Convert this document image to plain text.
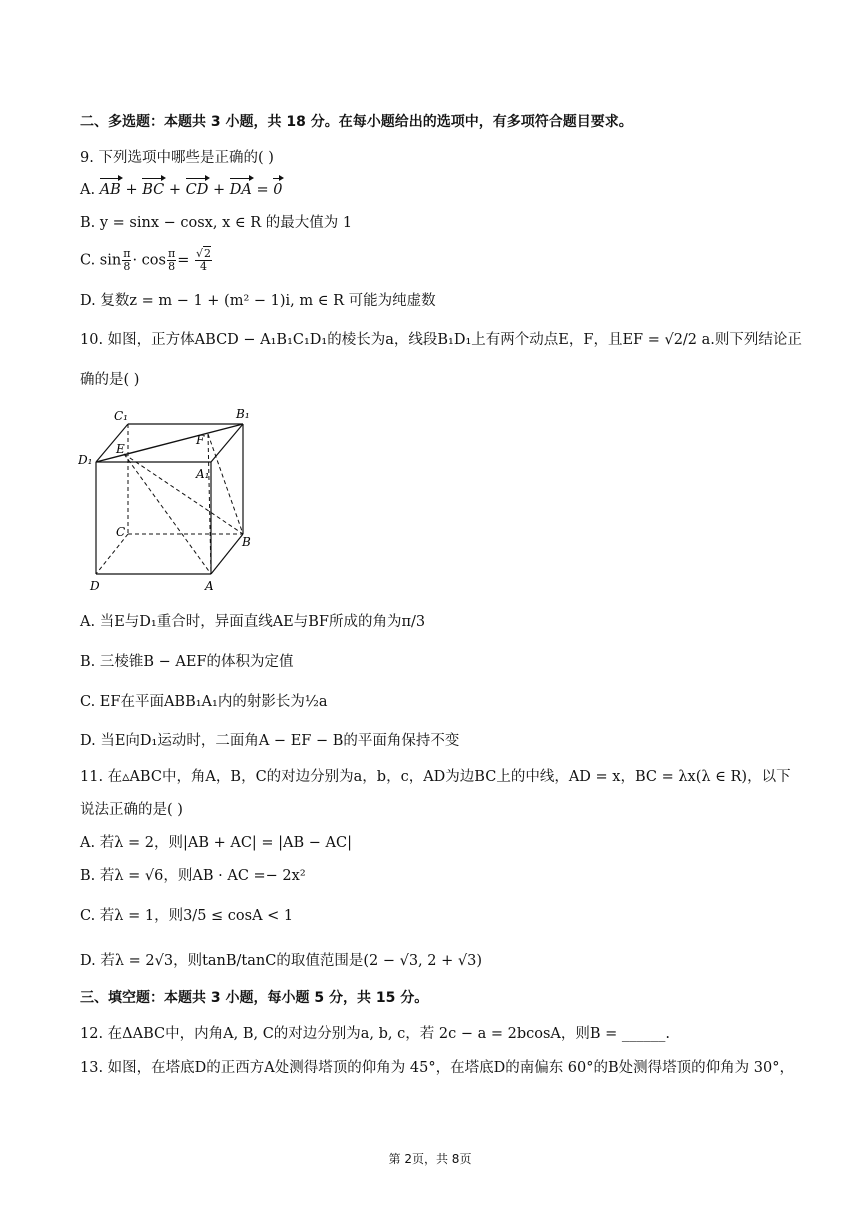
二、多选题：本题共 3 小题，共 18 分。在每小题给出的选项中，有多项符合题目要求。
9. 下列选项中哪些是正确的( )
A. AB + BC + CD + DA = 0
B. y = sinx − cosx, x ∈ R 的最大值为 1
C. $\sin \frac{\pi}{8} \cdot \cos \frac{\pi}{8} = \frac{√2}{4}$
D. 复数z = m − 1 + (m² − 1)i, m ∈ R 可能为纯虚数
10. 如图，正方体ABCD − A₁B₁C₁D₁的棱长为a，线段B₁D₁上有两个动点E，F，且EF = √2/2 a.则下列结论正
确的是( )
C₁	B₁
D₁
E
F
A₁
C
B
D	A
A. 当E与D₁重合时，异面直线AE与BF所成的角为π/3
B. 三棱锥B − AEF的体积为定值
C. EF在平面ABB₁A₁内的射影长为½a
D. 当E向D₁运动时，二面角A − EF − B的平面角保持不变
11. 在▵ABC中，角A，B，C的对边分别为a，b，c，AD为边BC上的中线，AD = x，BC = λx(λ ∈ R)，以下
说法正确的是( )
A. 若λ = 2，则|AB + AC| = |AB − AC|
B. 若λ = √6，则AB · AC =− 2x²
C. 若λ = 1，则3/5 ≤ cosA < 1
D. 若λ = 2√3，则tanB/tanC的取值范围是(2 − √3, 2 + √3)
三、填空题：本题共 3 小题，每小题 5 分，共 15 分。
12. 在ΔABC中，内角A, B, C的对边分别为a, b, c，若 2c − a = 2bcosA，则B = ______.
13. 如图，在塔底D的正西方A处测得塔顶的仰角为 45°，在塔底D的南偏东 60°的B处测得塔顶的仰角为 30°，
第 2页，共 8页
